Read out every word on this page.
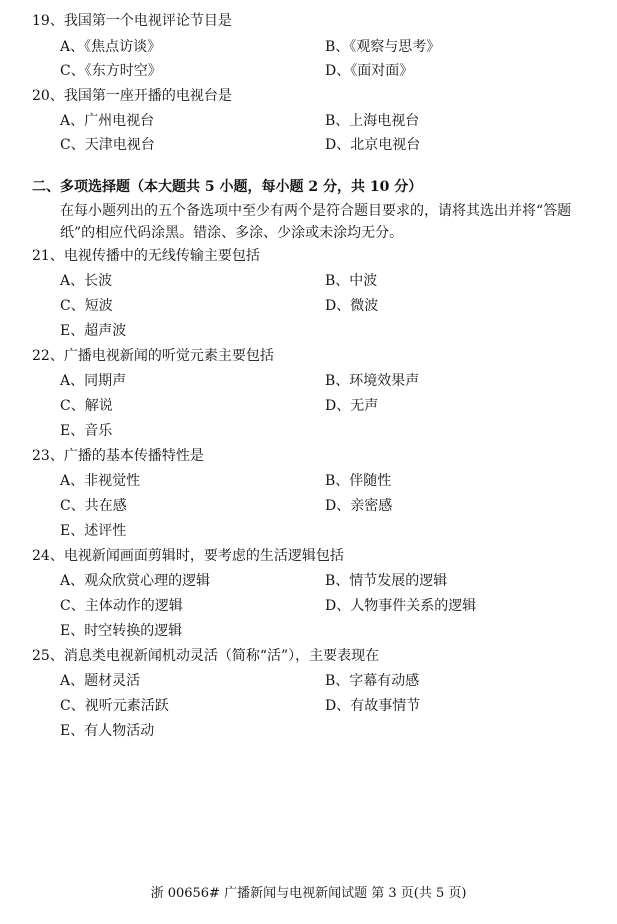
19、我国第一个电视评论节目是
A、《焦点访谈》	B、《观察与思考》
C、《东方时空》	D、《面对面》
20、我国第一座开播的电视台是
A、广州电视台	B、上海电视台
C、天津电视台	D、北京电视台
二、多项选择题（本大题共 5 小题，每小题 2 分，共 10 分）
在每小题列出的五个备选项中至少有两个是符合题目要求的，请将其选出并将“答题
纸”的相应代码涂黑。错涂、多涂、少涂或未涂均无分。
21、电视传播中的无线传输主要包括
A、长波	B、中波
C、短波	D、微波
E、超声波
22、广播电视新闻的听觉元素主要包括
A、同期声	B、环境效果声
C、解说	D、无声
E、音乐
23、广播的基本传播特性是
A、非视觉性	B、伴随性
C、共在感	D、亲密感
E、述评性
24、电视新闻画面剪辑时，要考虑的生活逻辑包括
A、观众欣赏心理的逻辑	B、情节发展的逻辑
C、主体动作的逻辑	D、人物事件关系的逻辑
E、时空转换的逻辑
25、消息类电视新闻机动灵活（简称“活”），主要表现在
A、题材灵活	B、字幕有动感
C、视听元素活跃	D、有故事情节
E、有人物活动
浙 00656# 广播新闻与电视新闻试题 第 3 页(共 5 页)
